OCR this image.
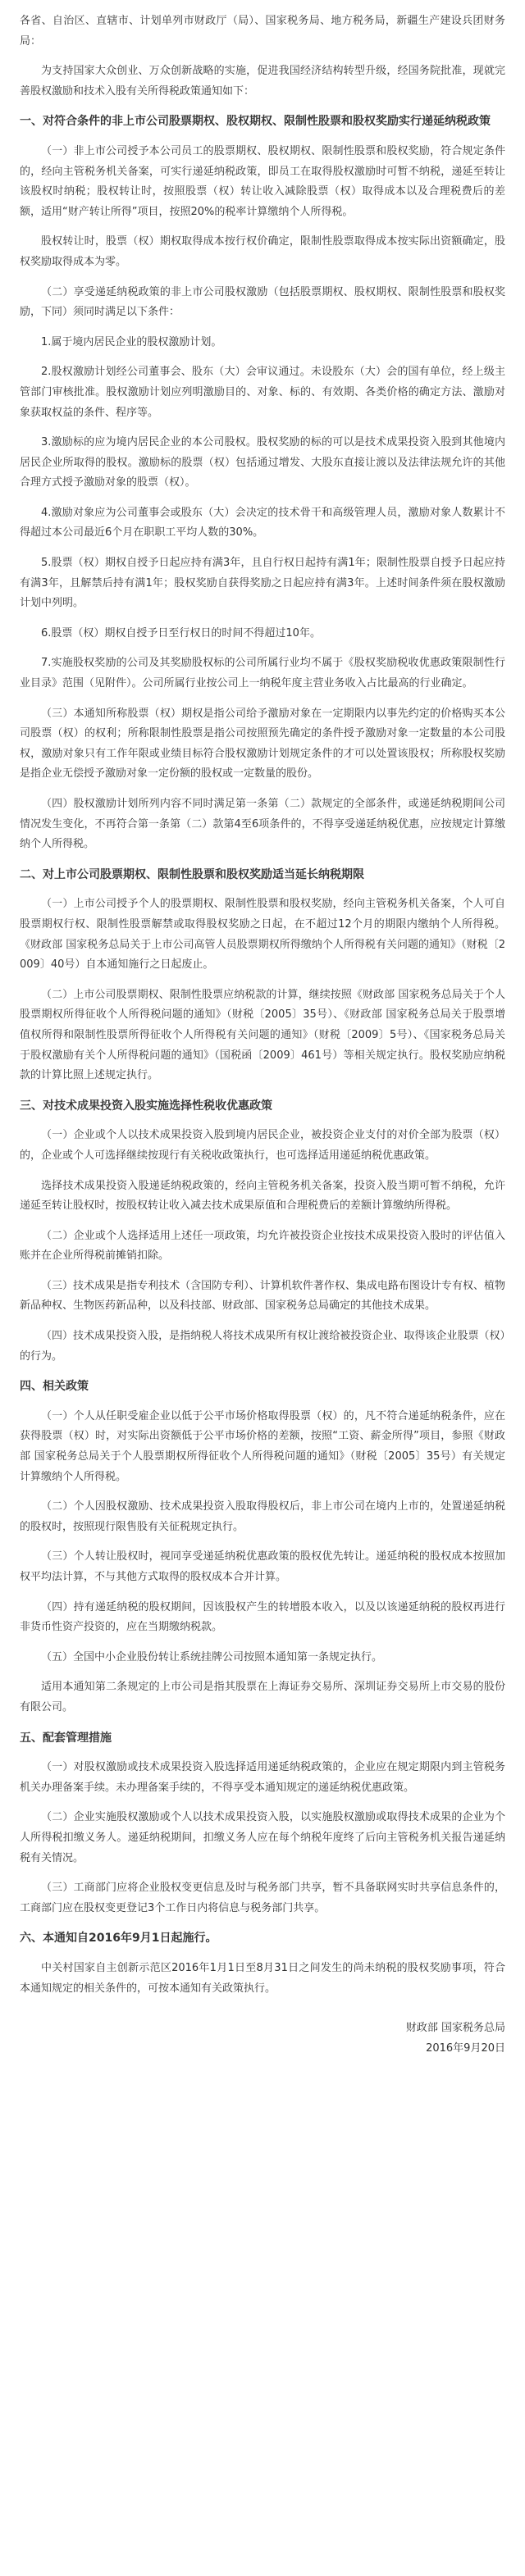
各省、自治区、直辖市、计划单列市财政厅（局）、国家税务局、地方税务局，新疆生产建设兵团财务局：

为支持国家大众创业、万众创新战略的实施，促进我国经济结构转型升级，经国务院批准，现就完善股权激励和技术入股有关所得税政策通知如下：

一、对符合条件的非上市公司股票期权、股权期权、限制性股票和股权奖励实行递延纳税政策

（一）非上市公司授予本公司员工的股票期权、股权期权、限制性股票和股权奖励，符合规定条件的，经向主管税务机关备案，可实行递延纳税政策，即员工在取得股权激励时可暂不纳税，递延至转让该股权时纳税；股权转让时，按照股票（权）转让收入减除股票（权）取得成本以及合理税费后的差额，适用“财产转让所得”项目，按照20%的税率计算缴纳个人所得税。

股权转让时，股票（权）期权取得成本按行权价确定，限制性股票取得成本按实际出资额确定，股权奖励取得成本为零。

（二）享受递延纳税政策的非上市公司股权激励（包括股票期权、股权期权、限制性股票和股权奖励，下同）须同时满足以下条件：

1.属于境内居民企业的股权激励计划。

2.股权激励计划经公司董事会、股东（大）会审议通过。未设股东（大）会的国有单位，经上级主管部门审核批准。股权激励计划应列明激励目的、对象、标的、有效期、各类价格的确定方法、激励对象获取权益的条件、程序等。

3.激励标的应为境内居民企业的本公司股权。股权奖励的标的可以是技术成果投资入股到其他境内居民企业所取得的股权。激励标的股票（权）包括通过增发、大股东直接让渡以及法律法规允许的其他合理方式授予激励对象的股票（权）。

4.激励对象应为公司董事会或股东（大）会决定的技术骨干和高级管理人员，激励对象人数累计不得超过本公司最近6个月在职职工平均人数的30%。

5.股票（权）期权自授予日起应持有满3年，且自行权日起持有满1年；限制性股票自授予日起应持有满3年，且解禁后持有满1年；股权奖励自获得奖励之日起应持有满3年。上述时间条件须在股权激励计划中列明。

6.股票（权）期权自授予日至行权日的时间不得超过10年。

7.实施股权奖励的公司及其奖励股权标的公司所属行业均不属于《股权奖励税收优惠政策限制性行业目录》范围（见附件）。公司所属行业按公司上一纳税年度主营业务收入占比最高的行业确定。

（三）本通知所称股票（权）期权是指公司给予激励对象在一定期限内以事先约定的价格购买本公司股票（权）的权利；所称限制性股票是指公司按照预先确定的条件授予激励对象一定数量的本公司股权，激励对象只有工作年限或业绩目标符合股权激励计划规定条件的才可以处置该股权；所称股权奖励是指企业无偿授予激励对象一定份额的股权或一定数量的股份。

（四）股权激励计划所列内容不同时满足第一条第（二）款规定的全部条件，或递延纳税期间公司情况发生变化，不再符合第一条第（二）款第4至6项条件的，不得享受递延纳税优惠，应按规定计算缴纳个人所得税。

二、对上市公司股票期权、限制性股票和股权奖励适当延长纳税期限

（一）上市公司授予个人的股票期权、限制性股票和股权奖励，经向主管税务机关备案，个人可自股票期权行权、限制性股票解禁或取得股权奖励之日起，在不超过12个月的期限内缴纳个人所得税。《财政部 国家税务总局关于上市公司高管人员股票期权所得缴纳个人所得税有关问题的通知》（财税〔2009〕40号）自本通知施行之日起废止。

（二）上市公司股票期权、限制性股票应纳税款的计算，继续按照《财政部 国家税务总局关于个人股票期权所得征收个人所得税问题的通知》（财税〔2005〕35号）、《财政部 国家税务总局关于股票增值权所得和限制性股票所得征收个人所得税有关问题的通知》（财税〔2009〕5号）、《国家税务总局关于股权激励有关个人所得税问题的通知》（国税函〔2009〕461号）等相关规定执行。股权奖励应纳税款的计算比照上述规定执行。

三、对技术成果投资入股实施选择性税收优惠政策

（一）企业或个人以技术成果投资入股到境内居民企业，被投资企业支付的对价全部为股票（权）的，企业或个人可选择继续按现行有关税收政策执行，也可选择适用递延纳税优惠政策。

选择技术成果投资入股递延纳税政策的，经向主管税务机关备案，投资入股当期可暂不纳税，允许递延至转让股权时，按股权转让收入减去技术成果原值和合理税费后的差额计算缴纳所得税。

（二）企业或个人选择适用上述任一项政策，均允许被投资企业按技术成果投资入股时的评估值入账并在企业所得税前摊销扣除。

（三）技术成果是指专利技术（含国防专利）、计算机软件著作权、集成电路布图设计专有权、植物新品种权、生物医药新品种，以及科技部、财政部、国家税务总局确定的其他技术成果。

（四）技术成果投资入股，是指纳税人将技术成果所有权让渡给被投资企业、取得该企业股票（权）的行为。

四、相关政策

（一）个人从任职受雇企业以低于公平市场价格取得股票（权）的，凡不符合递延纳税条件，应在获得股票（权）时，对实际出资额低于公平市场价格的差额，按照“工资、薪金所得”项目，参照《财政部 国家税务总局关于个人股票期权所得征收个人所得税问题的通知》（财税〔2005〕35号）有关规定计算缴纳个人所得税。

（二）个人因股权激励、技术成果投资入股取得股权后，非上市公司在境内上市的，处置递延纳税的股权时，按照现行限售股有关征税规定执行。

（三）个人转让股权时，视同享受递延纳税优惠政策的股权优先转让。递延纳税的股权成本按照加权平均法计算，不与其他方式取得的股权成本合并计算。

（四）持有递延纳税的股权期间，因该股权产生的转增股本收入，以及以该递延纳税的股权再进行非货币性资产投资的，应在当期缴纳税款。

（五）全国中小企业股份转让系统挂牌公司按照本通知第一条规定执行。

适用本通知第二条规定的上市公司是指其股票在上海证券交易所、深圳证券交易所上市交易的股份有限公司。

五、配套管理措施

（一）对股权激励或技术成果投资入股选择适用递延纳税政策的，企业应在规定期限内到主管税务机关办理备案手续。未办理备案手续的，不得享受本通知规定的递延纳税优惠政策。

（二）企业实施股权激励或个人以技术成果投资入股，以实施股权激励或取得技术成果的企业为个人所得税扣缴义务人。递延纳税期间，扣缴义务人应在每个纳税年度终了后向主管税务机关报告递延纳税有关情况。

（三）工商部门应将企业股权变更信息及时与税务部门共享，暂不具备联网实时共享信息条件的，工商部门应在股权变更登记3个工作日内将信息与税务部门共享。

六、本通知自2016年9月1日起施行。

中关村国家自主创新示范区2016年1月1日至8月31日之间发生的尚未纳税的股权奖励事项，符合本通知规定的相关条件的，可按本通知有关政策执行。

财政部 国家税务总局
2016年9月20日
